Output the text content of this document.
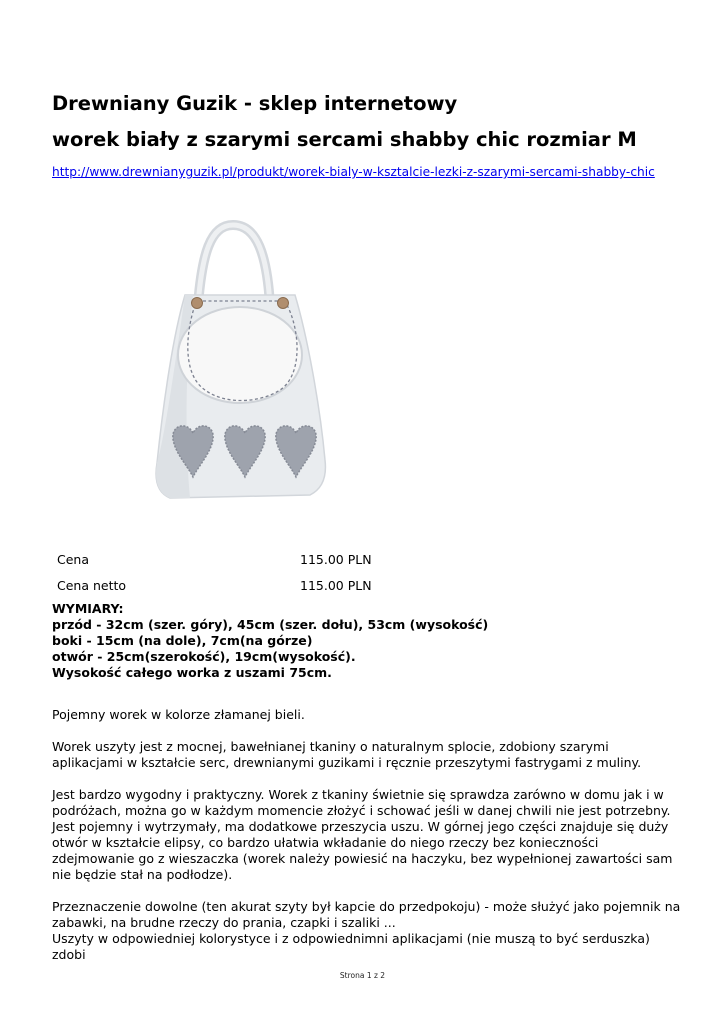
Drewniany Guzik - sklep internetowy
worek biały z szarymi sercami shabby chic rozmiar M
http://www.drewnianyguzik.pl/produkt/worek-bialy-w-ksztalcie-lezki-z-szarymi-sercami-shabby-chic
Cena	115.00 PLN
Cena netto	115.00 PLN
WYMIARY:
przód - 32cm (szer. góry), 45cm (szer. dołu), 53cm (wysokość)
boki - 15cm (na dole), 7cm(na górze)
otwór - 25cm(szerokość), 19cm(wysokość).
Wysokość całego worka z uszami 75cm.

Pojemny worek w kolorze złamanej bieli.

Worek uszyty jest z mocnej, bawełnianej tkaniny o naturalnym splocie, zdobiony szarymi aplikacjami w kształcie serc, drewnianymi guzikami i ręcznie przeszytymi fastrygami z muliny.

Jest bardzo wygodny i praktyczny. Worek z tkaniny świetnie się sprawdza zarówno w domu jak i w podróżach, można go w każdym momencie złożyć i schować jeśli w danej chwili nie jest potrzebny. Jest pojemny i wytrzymały, ma dodatkowe przeszycia uszu. W górnej jego części znajduje się duży otwór w kształcie elipsy, co bardzo ułatwia wkładanie do niego rzeczy bez konieczności zdejmowanie go z wieszaczka (worek należy powiesić na haczyku, bez wypełnionej zawartości sam nie będzie stał na podłodze).

Przeznaczenie dowolne (ten akurat szyty był kapcie do przedpokoju) - może służyć jako pojemnik na zabawki, na brudne rzeczy do prania, czapki i szaliki ...
Uszyty w odpowiedniej kolorystyce i z odpowiednimni aplikacjami (nie muszą to być serduszka) zdobi

Strona 1 z 2
